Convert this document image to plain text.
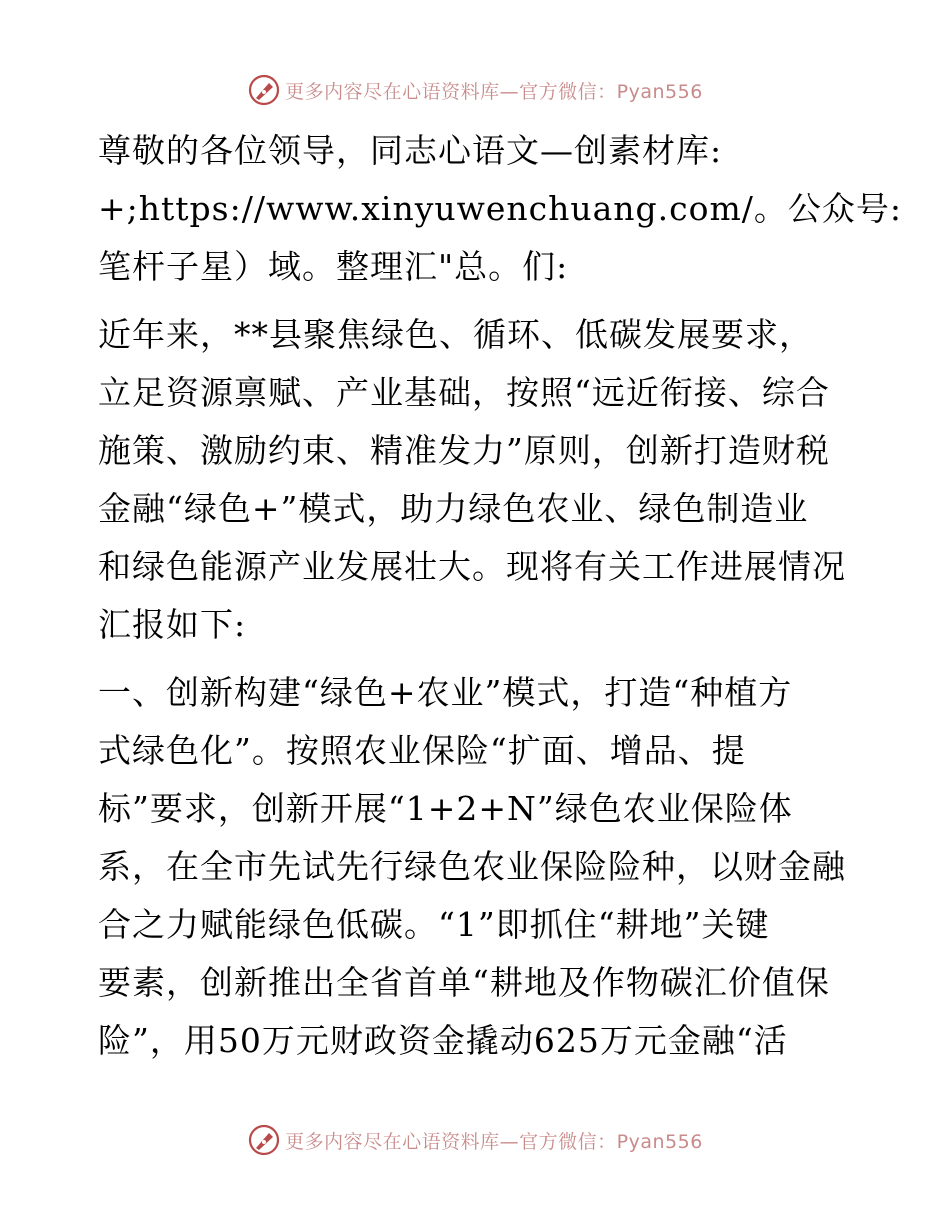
更多内容尽在心语资料库—官方微信：Pyan556
尊敬的各位领导，同志心语文—创素材库:
+;https://www.xinyuwenchuang.com/。公众号:
笔杆子星）域。整理汇"总。们:
近年来，**县聚焦绿色、循环、低碳发展要求，
立足资源禀赋、产业基础，按照“远近衔接、综合
施策、激励约束、精准发力”原则，创新打造财税
金融“绿色+”模式，助力绿色农业、绿色制造业
和绿色能源产业发展壮大。现将有关工作进展情况
汇报如下:
一、创新构建“绿色+农业”模式，打造“种植方
式绿色化”。按照农业保险“扩面、增品、提
标”要求，创新开展“1+2+N”绿色农业保险体
系，在全市先试先行绿色农业保险险种，以财金融
合之力赋能绿色低碳。“1”即抓住“耕地”关键
要素，创新推出全省首单“耕地及作物碳汇价值保
险”，用50万元财政资金撬动625万元金融“活
更多内容尽在心语资料库—官方微信：Pyan556
